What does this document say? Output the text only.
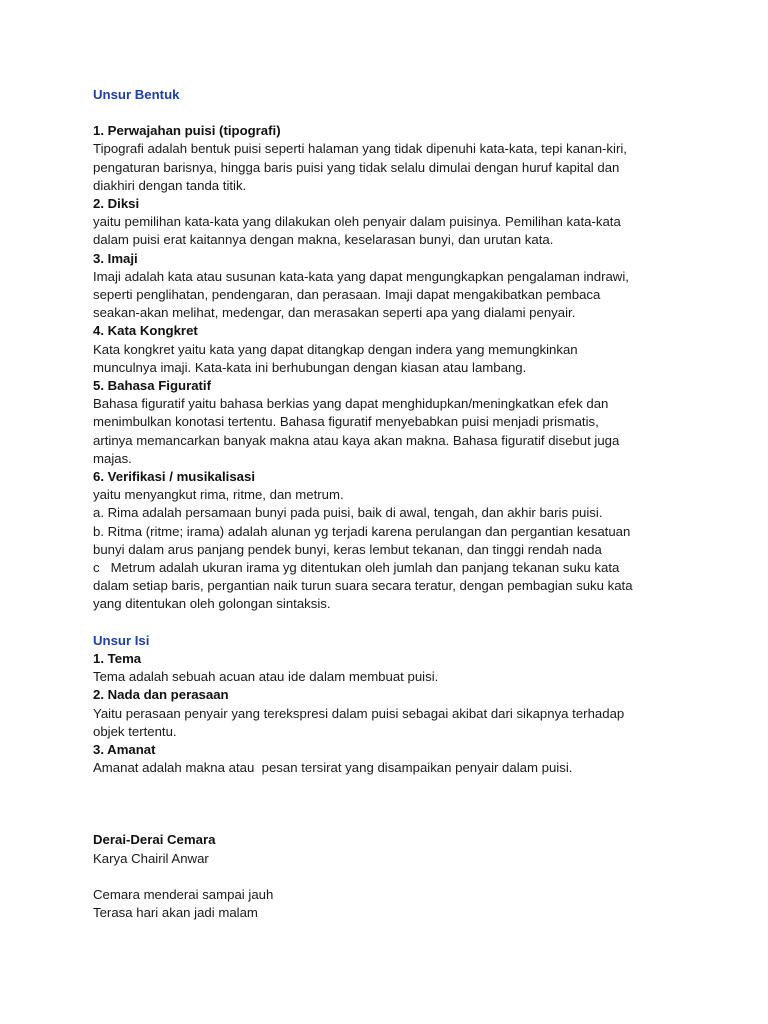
Unsur Bentuk
1. Perwajahan puisi (tipografi)
Tipografi adalah bentuk puisi seperti halaman yang tidak dipenuhi kata-kata, tepi kanan-kiri,
pengaturan barisnya, hingga baris puisi yang tidak selalu dimulai dengan huruf kapital dan
diakhiri dengan tanda titik.
2. Diksi
yaitu pemilihan kata-kata yang dilakukan oleh penyair dalam puisinya. Pemilihan kata-kata
dalam puisi erat kaitannya dengan makna, keselarasan bunyi, dan urutan kata.
3. Imaji
Imaji adalah kata atau susunan kata-kata yang dapat mengungkapkan pengalaman indrawi,
seperti penglihatan, pendengaran, dan perasaan. Imaji dapat mengakibatkan pembaca
seakan-akan melihat, medengar, dan merasakan seperti apa yang dialami penyair.
4. Kata Kongkret
Kata kongkret yaitu kata yang dapat ditangkap dengan indera yang memungkinkan
munculnya imaji. Kata-kata ini berhubungan dengan kiasan atau lambang.
5. Bahasa Figuratif
Bahasa figuratif yaitu bahasa berkias yang dapat menghidupkan/meningkatkan efek dan
menimbulkan konotasi tertentu. Bahasa figuratif menyebabkan puisi menjadi prismatis,
artinya memancarkan banyak makna atau kaya akan makna. Bahasa figuratif disebut juga
majas.
6. Verifikasi / musikalisasi
yaitu menyangkut rima, ritme, dan metrum.
a. Rima adalah persamaan bunyi pada puisi, baik di awal, tengah, dan akhir baris puisi.
b. Ritma (ritme; irama) adalah alunan yg terjadi karena perulangan dan pergantian kesatuan
bunyi dalam arus panjang pendek bunyi, keras lembut tekanan, dan tinggi rendah nada
c   Metrum adalah ukuran irama yg ditentukan oleh jumlah dan panjang tekanan suku kata
dalam setiap baris, pergantian naik turun suara secara teratur, dengan pembagian suku kata
yang ditentukan oleh golongan sintaksis.
Unsur Isi
1. Tema
Tema adalah sebuah acuan atau ide dalam membuat puisi.
2. Nada dan perasaan
Yaitu perasaan penyair yang terekspresi dalam puisi sebagai akibat dari sikapnya terhadap
objek tertentu.
3. Amanat
Amanat adalah makna atau  pesan tersirat yang disampaikan penyair dalam puisi.
Derai-Derai Cemara
Karya Chairil Anwar
Cemara menderai sampai jauh
Terasa hari akan jadi malam
